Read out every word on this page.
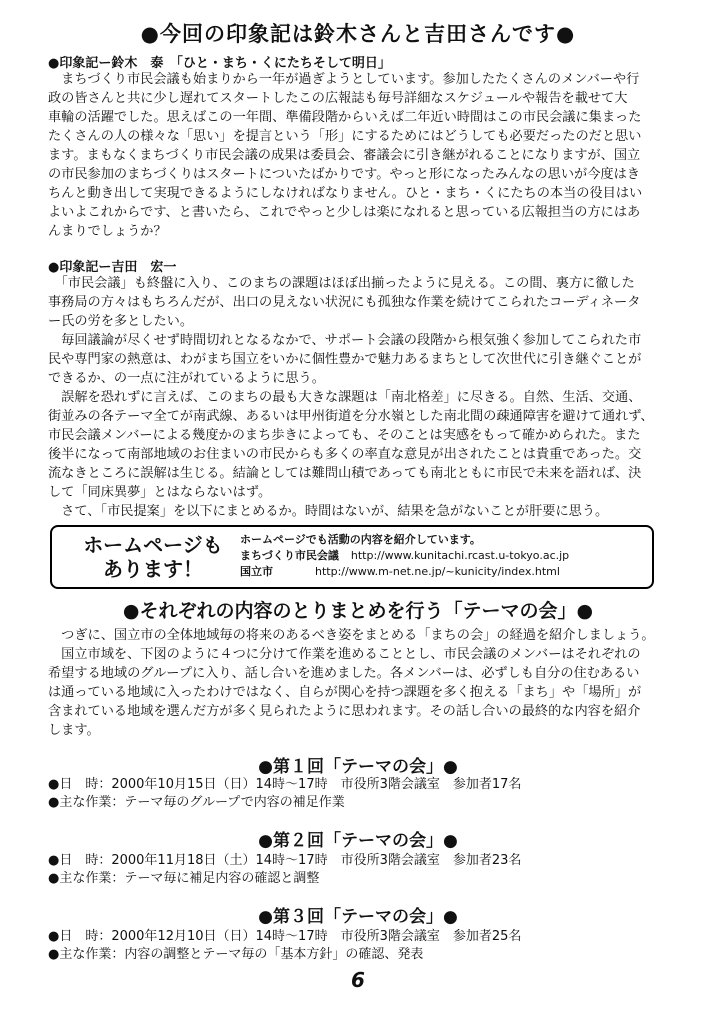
●今回の印象記は鈴木さんと吉田さんです●
●印象記ー鈴木　泰　「ひと・まち・くにたちそして明日」
　まちづくり市民会議も始まりから一年が過ぎようとしています。参加したたくさんのメンバーや行
政の皆さんと共に少し遅れてスタートしたこの広報誌も毎号詳細なスケジュールや報告を載せて大
車輪の活躍でした。思えばこの一年間、準備段階からいえば二年近い時間はこの市民会議に集まった
たくさんの人の様々な「思い」を提言という「形」にするためにはどうしても必要だったのだと思い
ます。まもなくまちづくり市民会議の成果は委員会、審議会に引き継がれることになりますが、国立
の市民参加のまちづくりはスタートについたばかりです。やっと形になったみんなの思いが今度はき
ちんと動き出して実現できるようにしなければなりません。ひと・まち・くにたちの本当の役目はい
よいよこれからです、と書いたら、これでやっと少しは楽になれると思っている広報担当の方にはあ
んまりでしょうか？
●印象記ー吉田　宏一
　「市民会議」も終盤に入り、このまちの課題はほぼ出揃ったように見える。この間、裏方に徹した
事務局の方々はもちろんだが、出口の見えない状況にも孤独な作業を続けてこられたコーディネータ
ー氏の労を多としたい。
　毎回議論が尽くせず時間切れとなるなかで、サポート会議の段階から根気強く参加してこられた市
民や専門家の熱意は、わがまち国立をいかに個性豊かで魅力あるまちとして次世代に引き継ぐことが
できるか、の一点に注がれているように思う。
　誤解を恐れずに言えば、このまちの最も大きな課題は「南北格差」に尽きる。自然、生活、交通、
街並みの各テーマ全てが南武線、あるいは甲州街道を分水嶺とした南北間の疎通障害を避けて通れず、
市民会議メンバーによる幾度かのまち歩きによっても、そのことは実感をもって確かめられた。また
後半になって南部地域のお住まいの市民からも多くの率直な意見が出されたことは貴重であった。交
流なきところに誤解は生じる。結論としては難問山積であっても南北ともに市民で未来を語れば、決
して「同床異夢」とはならないはず。
　さて、「市民提案」を以下にまとめるか。時間はないが、結果を急がないことが肝要に思う。
ホームページも
あります！
ホームページでも活動の内容を紹介しています。
まちづくり市民会議 http://www.kunitachi.rcast.u-tokyo.ac.jp
国立市	http://www.m-net.ne.jp/~kunicity/index.html
●それぞれの内容のとりまとめを行う「テーマの会」●
　つぎに、国立市の全体地域毎の将来のあるべき姿をまとめる「まちの会」の経過を紹介しましょう。
　国立市域を、下図のように４つに分けて作業を進めることとし、市民会議のメンバーはそれぞれの
希望する地域のグループに入り、話し合いを進めました。各メンバーは、必ずしも自分の住むあるい
は通っている地域に入ったわけではなく、自らが関心を持つ課題を多く抱える「まち」や「場所」が
含まれている地域を選んだ方が多く見られたように思われます。その話し合いの最終的な内容を紹介
します。
●第１回「テーマの会」●
●日　時：2000年10月15日（日）14時〜17時　市役所3階会議室　参加者17名
●主な作業：テーマ毎のグループで内容の補足作業
●第２回「テーマの会」●
●日　時：2000年11月18日（土）14時〜17時　市役所3階会議室　参加者23名
●主な作業：テーマ毎に補足内容の確認と調整
●第３回「テーマの会」●
●日　時：2000年12月10日（日）14時〜17時　市役所3階会議室　参加者25名
●主な作業：内容の調整とテーマ毎の「基本方針」の確認、発表
6
